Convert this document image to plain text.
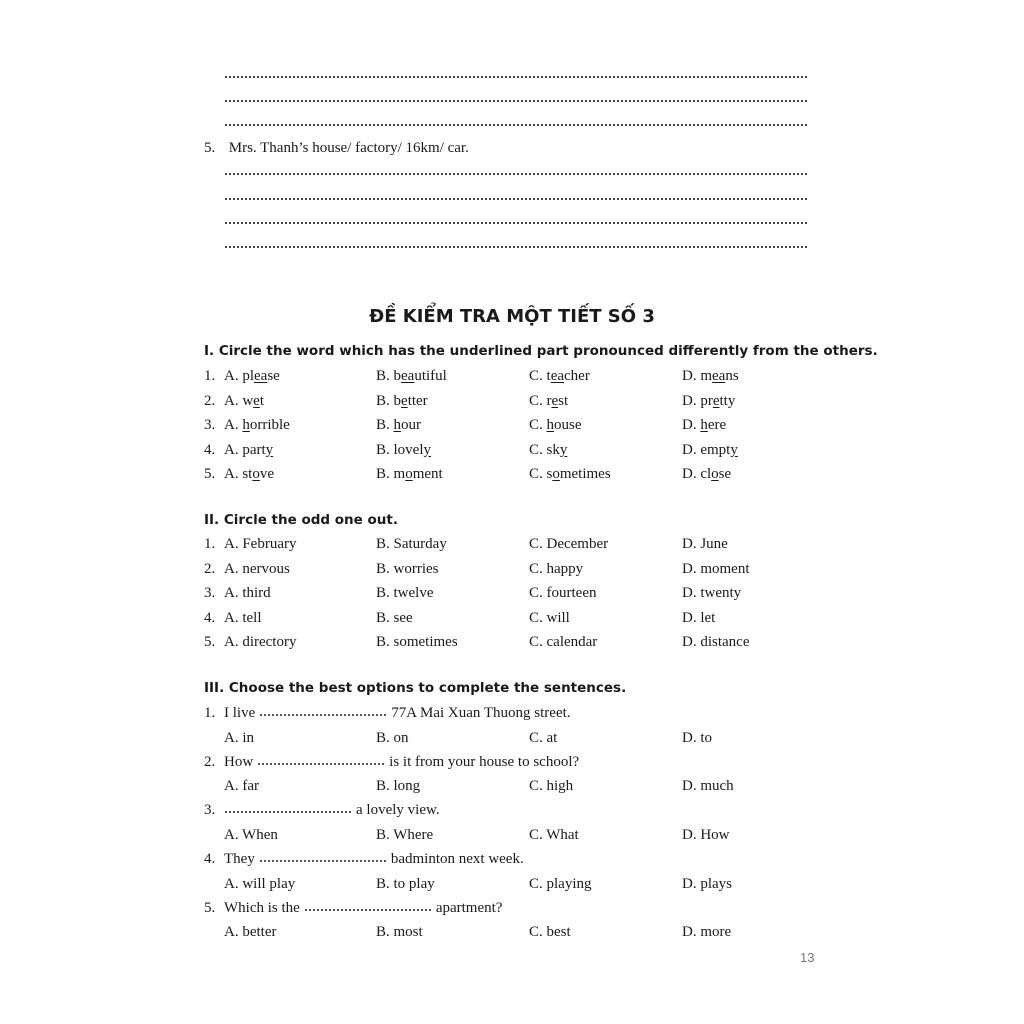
5. Mrs. Thanh’s house/ factory/ 16km/ car.
ĐỀ KIỂM TRA MỘT TIẾT SỐ 3
I. Circle the word which has the underlined part pronounced differently from the others.
1. A. please	B. beautiful	C. teacher	D. means
2. A. wet	B. better	C. rest	D. pretty
3. A. horrible	B. hour	C. house	D. here
4. A. party	B. lovely	C. sky	D. empty
5. A. stove	B. moment	C. sometimes	D. close
II. Circle the odd one out.
1. A. February	B. Saturday	C. December	D. June
2. A. nervous	B. worries	C. happy	D. moment
3. A. third	B. twelve	C. fourteen	D. twenty
4. A. tell	B. see	C. will	D. let
5. A. directory	B. sometimes	C. calendar	D. distance
III. Choose the best options to complete the sentences.
1. I live	77A Mai Xuan Thuong street.
A. in	B. on	C. at	D. to
2. How	is it from your house to school?
A. far	B. long	C. high	D. much
3.	a lovely view.
A. When	B. Where	C. What	D. How
4. They	badminton next week.
A. will play	B. to play	C. playing	D. plays
5. Which is the	apartment?
A. better	B. most	C. best	D. more
13
